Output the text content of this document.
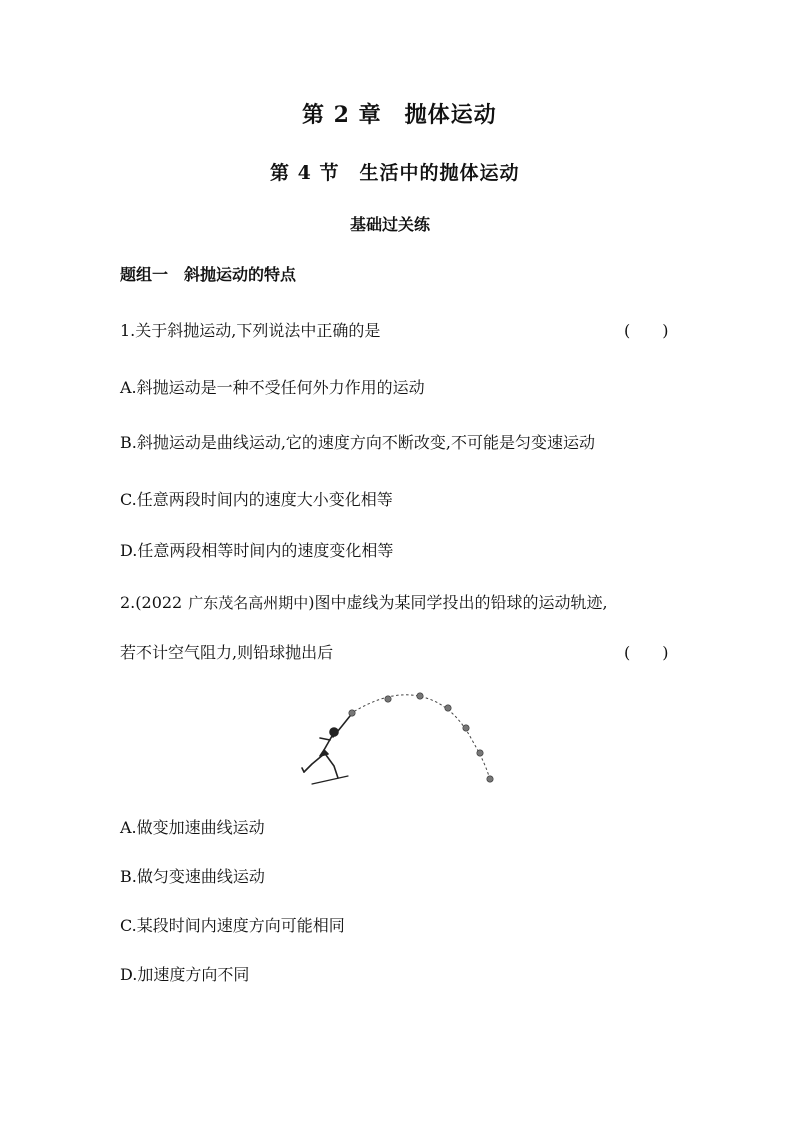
第 2 章　抛体运动
第 4 节　生活中的抛体运动
基础过关练
题组一　斜抛运动的特点
1.关于斜抛运动,下列说法中正确的是	(　　)
A.斜抛运动是一种不受任何外力作用的运动
B.斜抛运动是曲线运动,它的速度方向不断改变,不可能是匀变速运动
C.任意两段时间内的速度大小变化相等
D.任意两段相等时间内的速度变化相等
2.(2022 广东茂名高州期中)图中虚线为某同学投出的铅球的运动轨迹,
若不计空气阻力,则铅球抛出后	(　　)
A.做变加速曲线运动
B.做匀变速曲线运动
C.某段时间内速度方向可能相同
D.加速度方向不同
